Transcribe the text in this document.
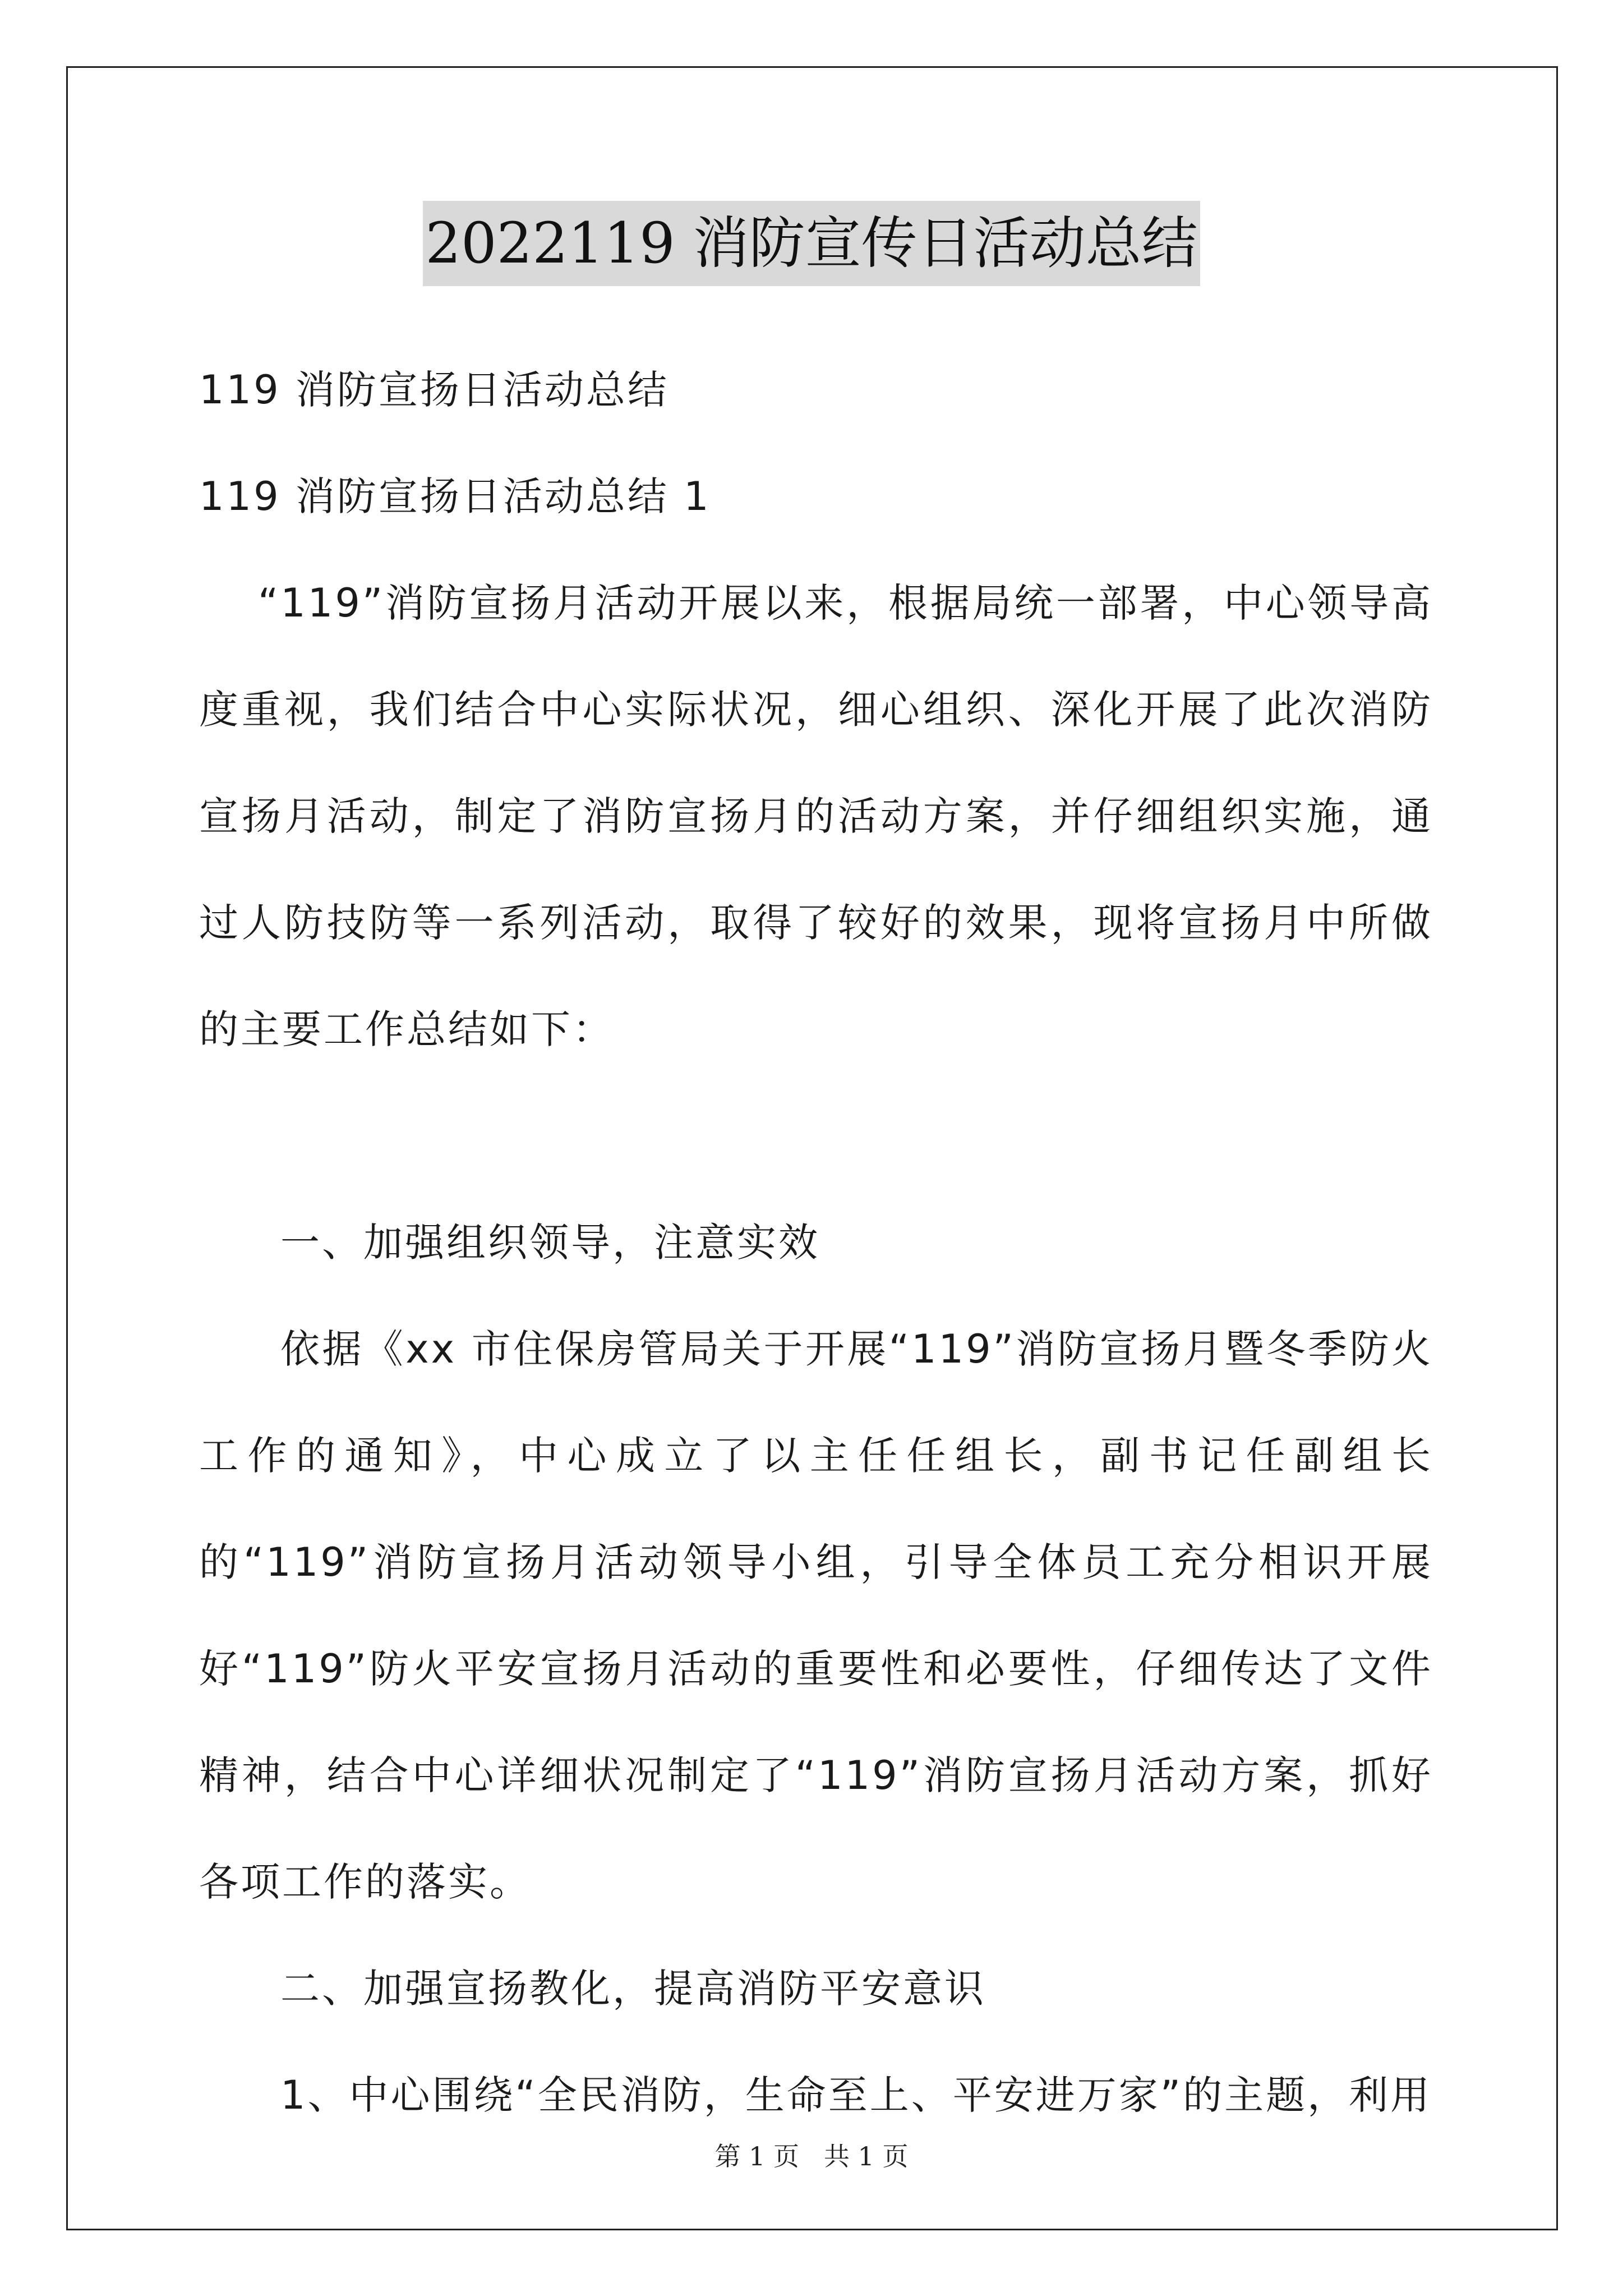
2022119 消防宣传日活动总结

119 消防宣扬日活动总结

119 消防宣扬日活动总结 1

“119”消防宣扬月活动开展以来，根据局统一部署，中心领导高度重视，我们结合中心实际状况，细心组织、深化开展了此次消防宣扬月活动，制定了消防宣扬月的活动方案，并仔细组织实施，通过人防技防等一系列活动，取得了较好的效果，现将宣扬月中所做的主要工作总结如下：

一、加强组织领导，注意实效

依据《xx 市住保房管局关于开展“119”消防宣扬月暨冬季防火工作的通知》，中心成立了以主任任组长，副书记任副组长的“119”消防宣扬月活动领导小组，引导全体员工充分相识开展好“119”防火平安宣扬月活动的重要性和必要性，仔细传达了文件精神，结合中心详细状况制定了“119”消防宣扬月活动方案，抓好各项工作的落实。

二、加强宣扬教化，提高消防平安意识

1、中心围绕“全民消防，生命至上、平安进万家”的主题，利用

第 1 页 共 1 页
